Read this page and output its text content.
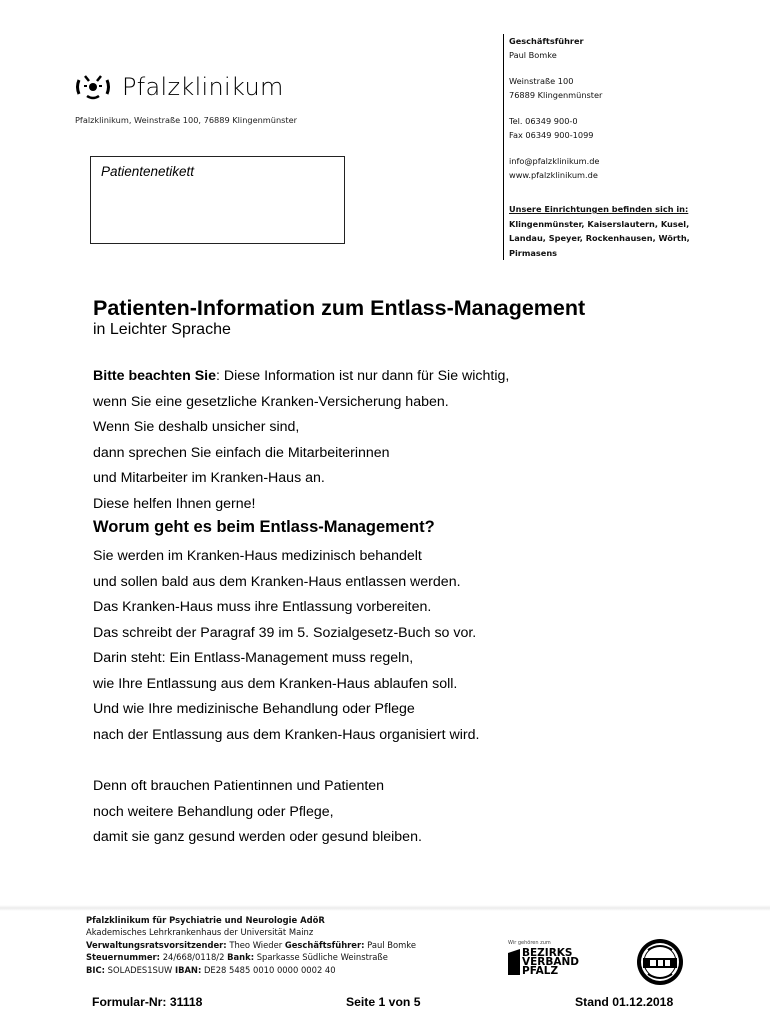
Pfalzklinikum
Pfalzklinikum, Weinstraße 100, 76889 Klingenmünster
Patientenetikett
Geschäftsführer
Paul Bomke
Weinstraße 100
76889 Klingenmünster
Tel. 06349 900-0
Fax 06349 900-1099
info@pfalzklinikum.de
www.pfalzklinikum.de
Unsere Einrichtungen befinden sich in:
Klingenmünster, Kaiserslautern, Kusel,
Landau, Speyer, Rockenhausen, Wörth,
Pirmasens
Patienten-Information zum Entlass-Management
in Leichter Sprache
Bitte beachten Sie: Diese Information ist nur dann für Sie wichtig,
wenn Sie eine gesetzliche Kranken-Versicherung haben.
Wenn Sie deshalb unsicher sind,
dann sprechen Sie einfach die Mitarbeiterinnen
und Mitarbeiter im Kranken-Haus an.
Diese helfen Ihnen gerne!
Worum geht es beim Entlass-Management?
Sie werden im Kranken-Haus medizinisch behandelt
und sollen bald aus dem Kranken-Haus entlassen werden.
Das Kranken-Haus muss ihre Entlassung vorbereiten.
Das schreibt der Paragraf 39 im 5. Sozialgesetz-Buch so vor.
Darin steht: Ein Entlass-Management muss regeln,
wie Ihre Entlassung aus dem Kranken-Haus ablaufen soll.
Und wie Ihre medizinische Behandlung oder Pflege
nach der Entlassung aus dem Kranken-Haus organisiert wird.
Denn oft brauchen Patientinnen und Patienten
noch weitere Behandlung oder Pflege,
damit sie ganz gesund werden oder gesund bleiben.
Pfalzklinikum für Psychiatrie und Neurologie AdöR
Akademisches Lehrkrankenhaus der Universität Mainz
Verwaltungsratsvorsitzender: Theo Wieder Geschäftsführer: Paul Bomke
Steuernummer: 24/668/0118/2 Bank: Sparkasse Südliche Weinstraße
BIC: SOLADES1SUW IBAN: DE28 5485 0010 0000 0002 40
Wir gehören zum
BEZIRKS
VERBAND
PFALZ
Formular-Nr: 31118	Seite 1 von 5	Stand 01.12.2018
